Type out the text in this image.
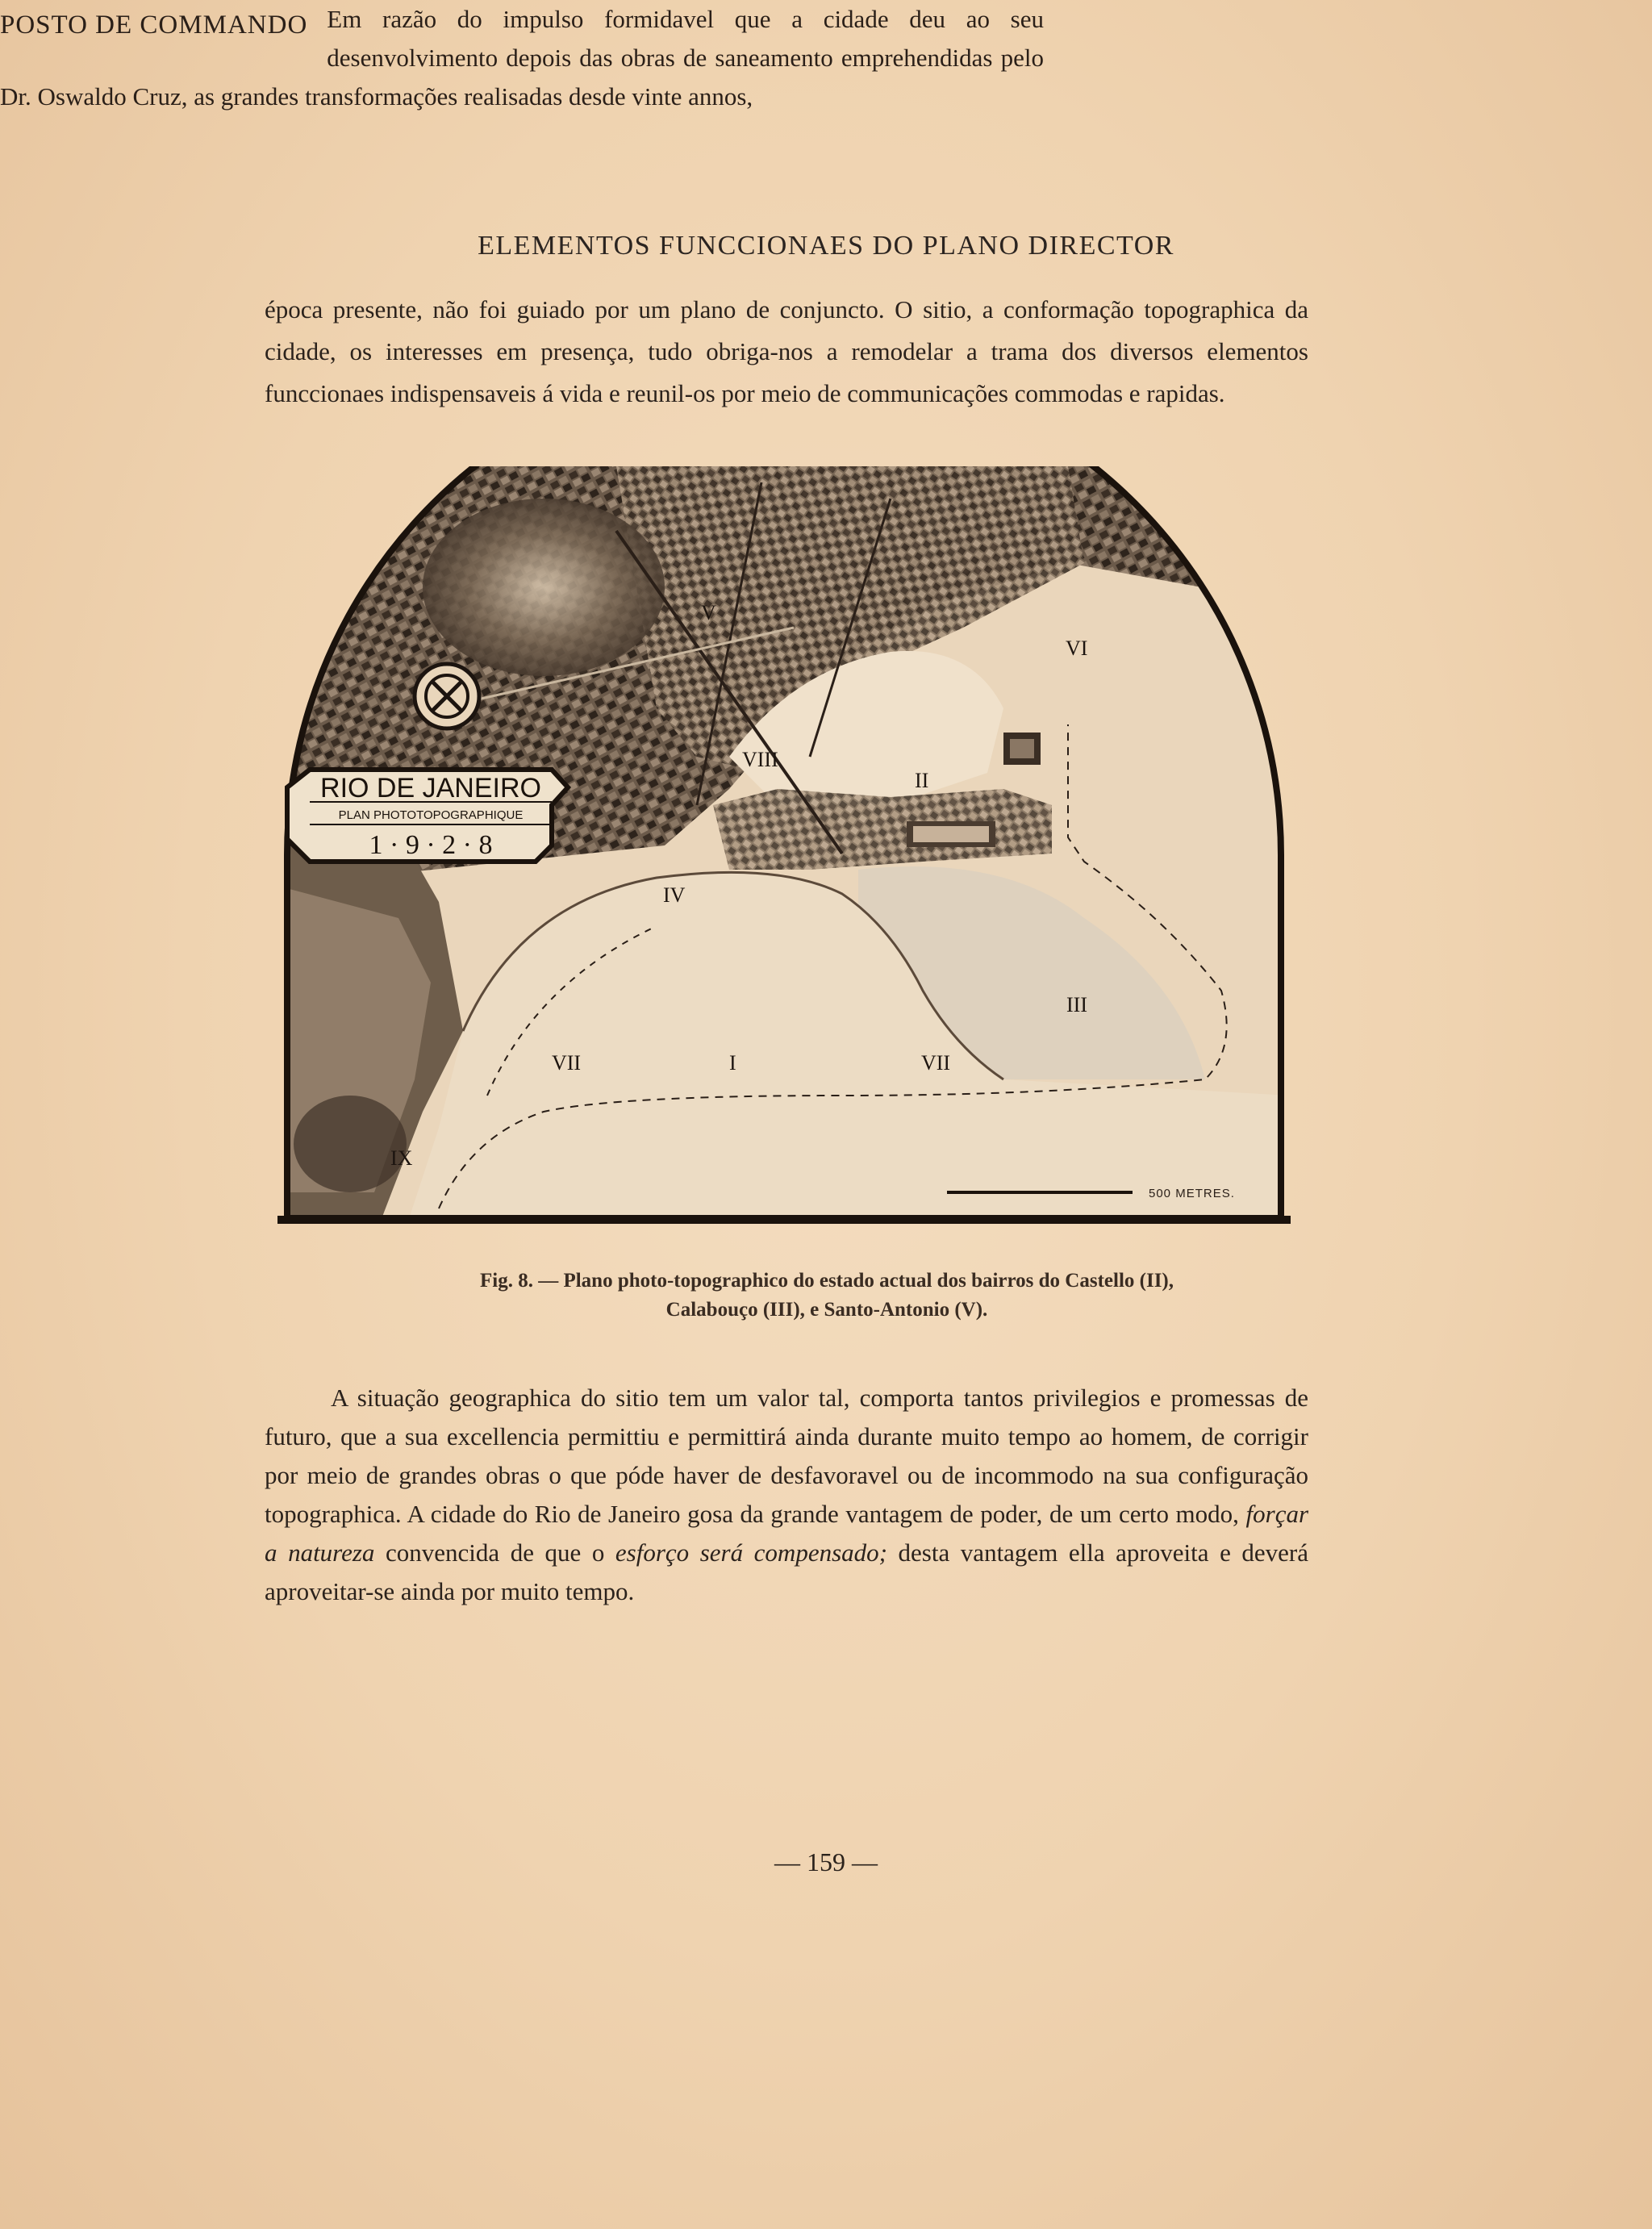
ELEMENTOS FUNCCIONAES DO PLANO DIRECTOR
época presente, não foi guiado por um plano de conjuncto. O sitio, a conformação topographica da cidade, os interesses em presença, tudo obriga-nos a remodelar a trama dos diversos elementos funccionaes indispensaveis á vida e reunil-os por meio de communicações commodas e rapidas.
RIO DE JANEIRO
PLAN PHOTOTOPOGRAPHIQUE
1 · 9 · 2 · 8
V
VI
VIII
II
IV
III
VII	I	VII
IX
500 METRES.
Fig. 8. — Plano photo-topographico do estado actual dos bairros do Castello (II),
Calabouço (III), e Santo-Antonio (V).
A situação geographica do sitio tem um valor tal, comporta tantos privilegios e promessas de futuro, que a sua excellencia permittiu e permittirá ainda durante muito tempo ao homem, de corrigir por meio de grandes obras o que póde haver de desfavoravel ou de incommodo na sua configuração topographica. A cidade do Rio de Janeiro gosa da grande vantagem de poder, de um certo modo, forçar a natureza convencida de que o esforço será compensado; desta vantagem ella aproveita e deverá aproveitar-se ainda por muito tempo.
POSTO DE COMMANDO Em razão do impulso formidavel que a cidade deu ao seu desenvolvimento depois das obras de saneamento emprehendidas pelo Dr. Oswaldo Cruz, as grandes transformações realisadas desde vinte annos,
— 159 —
